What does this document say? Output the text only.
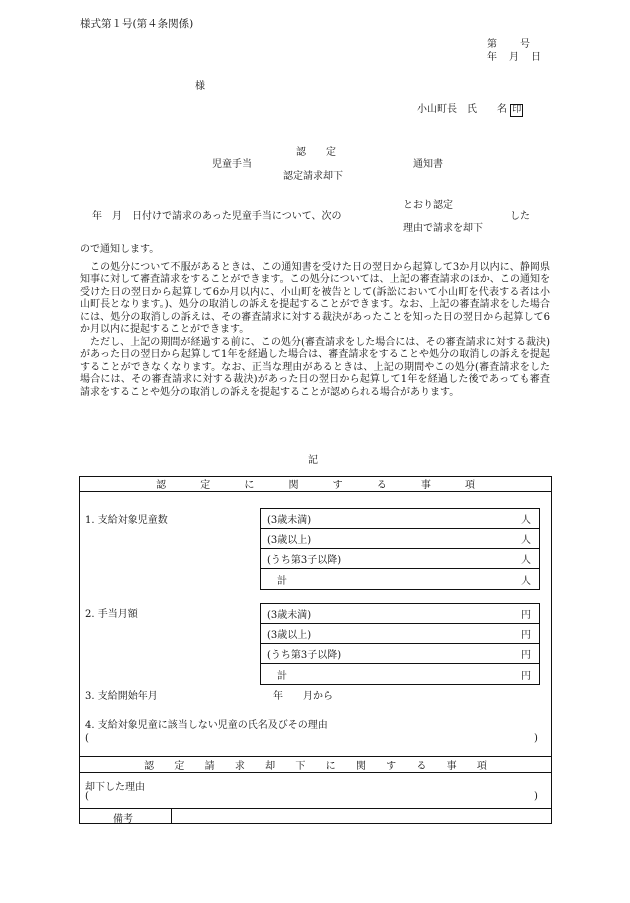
様式第１号(第４条関係)
第　　号
年　月　日
様
小山町長　氏　　名 印
認　　定
児童手当	通知書
認定請求却下
とおり認定
年　月　日付けで請求のあった児童手当について、次の	した
理由で請求を却下
ので通知します。
この処分について不服があるときは、この通知書を受けた日の翌日から起算して3か月以内に、静岡県知事に対して審査請求をすることができます。この処分については、上記の審査請求のほか、この通知を受けた日の翌日から起算して6か月以内に、小山町を被告として(訴訟において小山町を代表する者は小山町長となります。)、処分の取消しの訴えを提起することができます。なお、上記の審査請求をした場合には、処分の取消しの訴えは、その審査請求に対する裁決があったことを知った日の翌日から起算して6か月以内に提起することができます。
ただし、上記の期間が経過する前に、この処分(審査請求をした場合には、その審査請求に対する裁決)があった日の翌日から起算して1年を経過した場合は、審査請求をすることや処分の取消しの訴えを提起することができなくなります。なお、正当な理由があるときは、上記の期間やこの処分(審査請求をした場合には、その審査請求に対する裁決)があった日の翌日から起算して1年を経過した後であっても審査請求をすることや処分の取消しの訴えを提起することが認められる場合があります。
記
認	定	に	関	す	る	事	項
1. 支給対象児童数	(3歳未満)	人
(3歳以上)	人
(うち第3子以降)	人
計	人
2. 手当月額	(3歳未満)	円
(3歳以上)	円
(うち第3子以降)	円
計	円
3. 支給開始年月	年　　月から
4. 支給対象児童に該当しない児童の氏名及びその理由
(	)
認 定 請 求 却 下 に 関 す る 事 項
却下した理由
(	)
備考
